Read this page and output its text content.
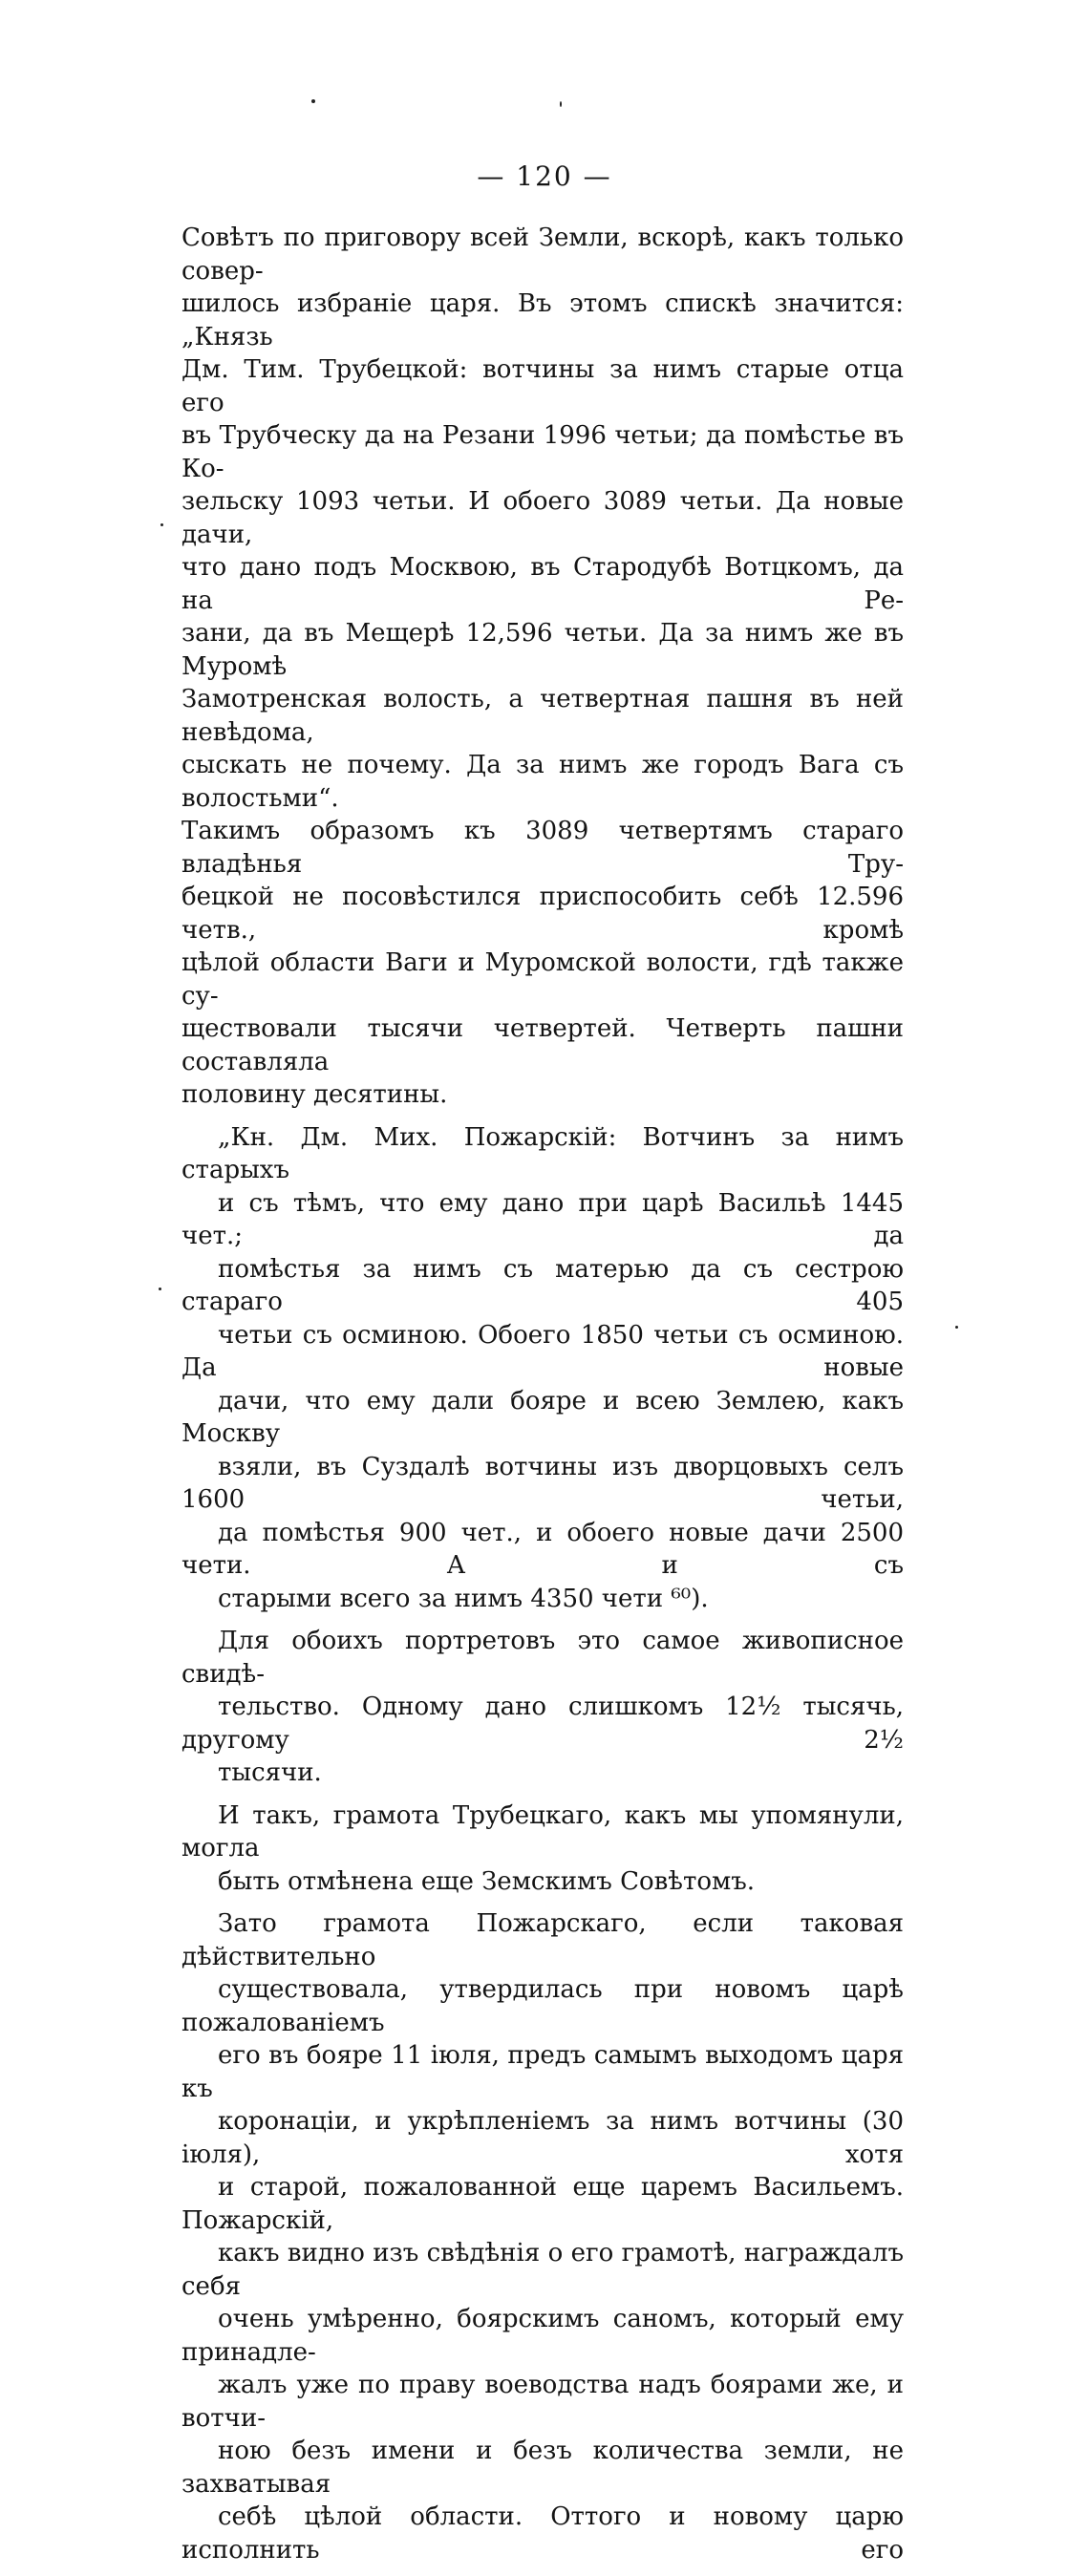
— 120 —

Совѣтъ по приговору всей Земли, вскорѣ, какъ только совер-
шилось избраніе царя. Въ этомъ спискѣ значится: „Князь
Дм. Тим. Трубецкой: вотчины за нимъ старые отца его
въ Трубческу да на Резани 1996 четьи; да помѣстье въ Ко-
зельску 1093 четьи. И обоего 3089 четьи. Да новые дачи,
что дано подъ Москвою, въ Стародубѣ Вотцкомъ, да на Ре-
зани, да въ Мещерѣ 12,596 четьи. Да за нимъ же въ Муромѣ
Замотренская волость, а четвертная пашня въ ней невѣдома,
сыскать не почему. Да за нимъ же городъ Вага съ волостьми“.
Такимъ образомъ къ 3089 четвертямъ стараго владѣнья Тру-
бецкой не посовѣстился приспособить себѣ 12.596 четв., кромѣ
цѣлой области Ваги и Муромской волости, гдѣ также су-
ществовали тысячи четвертей. Четверть пашни составляла
половину десятины.

„Кн. Дм. Мих. Пожарскій: Вотчинъ за нимъ старыхъ
и съ тѣмъ, что ему дано при царѣ Васильѣ 1445 чет.; да
помѣстья за нимъ съ матерью да съ сестрою стараго 405
четьи съ осминою. Обоего 1850 четьи съ осминою. Да новые
дачи, что ему дали бояре и всею Землею, какъ Москву
взяли, въ Суздалѣ вотчины изъ дворцовыхъ селъ 1600 четьи,
да помѣстья 900 чет., и обоего новые дачи 2500 чети. А и съ
старыми всего за нимъ 4350 чети ⁶⁰).

Для обоихъ портретовъ это самое живописное свидѣ-
тельство. Одному дано слишкомъ 12½ тысячь, другому 2½
тысячи.

И такъ, грамота Трубецкаго, какъ мы упомянули, могла
быть отмѣнена еще Земскимъ Совѣтомъ.

Зато грамота Пожарскаго, если таковая дѣйствительно
существовала, утвердилась при новомъ царѣ пожалованіемъ
его въ бояре 11 іюля, предъ самымъ выходомъ царя къ
коронаціи, и укрѣпленіемъ за нимъ вотчины (30 іюля), хотя
и старой, пожалованной еще царемъ Васильемъ. Пожарскій,
какъ видно изъ свѣдѣнія о его грамотѣ, награждалъ себя
очень умѣренно, боярскимъ саномъ, который ему принадле-
жалъ уже по праву воеводства надъ боярами же, и вотчи-
ною безъ имени и безъ количества земли, не захватывая
себѣ цѣлой области. Оттого и новому царю исполнить его
